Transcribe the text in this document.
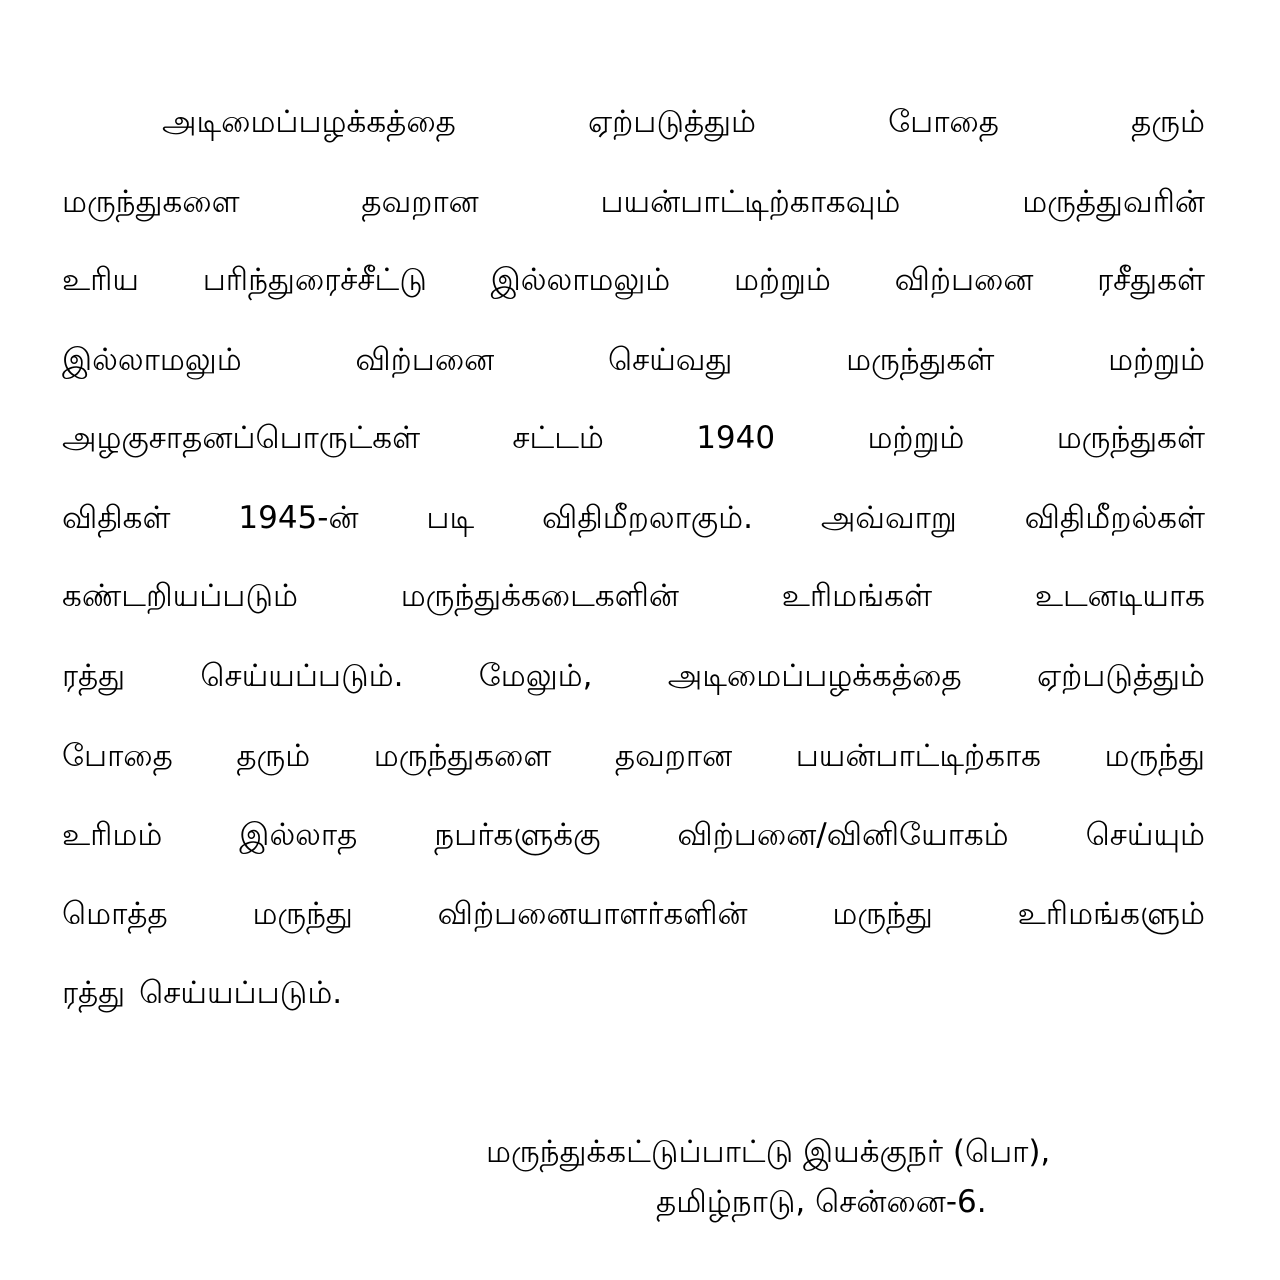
அடிமைப்பழக்கத்தை	ஏற்படுத்தும்	போதை	தரும்
மருந்துகளை	தவறான	பயன்பாட்டிற்காகவும்	மருத்துவரின்
உரிய பரிந்துரைச்சீட்டு இல்லாமலும் மற்றும் விற்பனை ரசீதுகள்
இல்லாமலும்	விற்பனை	செய்வது	மருந்துகள்	மற்றும்
அழகுசாதனப்பொருட்கள்	சட்டம்	1940	மற்றும்	மருந்துகள்
விதிகள் 1945-ன் படி விதிமீறலாகும். அவ்வாறு விதிமீறல்கள்
கண்டறியப்படும்	மருந்துக்கடைகளின்	உரிமங்கள்	உடனடியாக
ரத்து செய்யப்படும். மேலும், அடிமைப்பழக்கத்தை ஏற்படுத்தும்
போதை தரும் மருந்துகளை தவறான பயன்பாட்டிற்காக மருந்து
உரிமம் இல்லாத நபர்களுக்கு விற்பனை/வினியோகம் செய்யும்
மொத்த	மருந்து	விற்பனையாளர்களின்	மருந்து	உரிமங்களும்
ரத்து செய்யப்படும்.
மருந்துக்கட்டுப்பாட்டு இயக்குநர் (பொ),
தமிழ்நாடு, சென்னை-6.
